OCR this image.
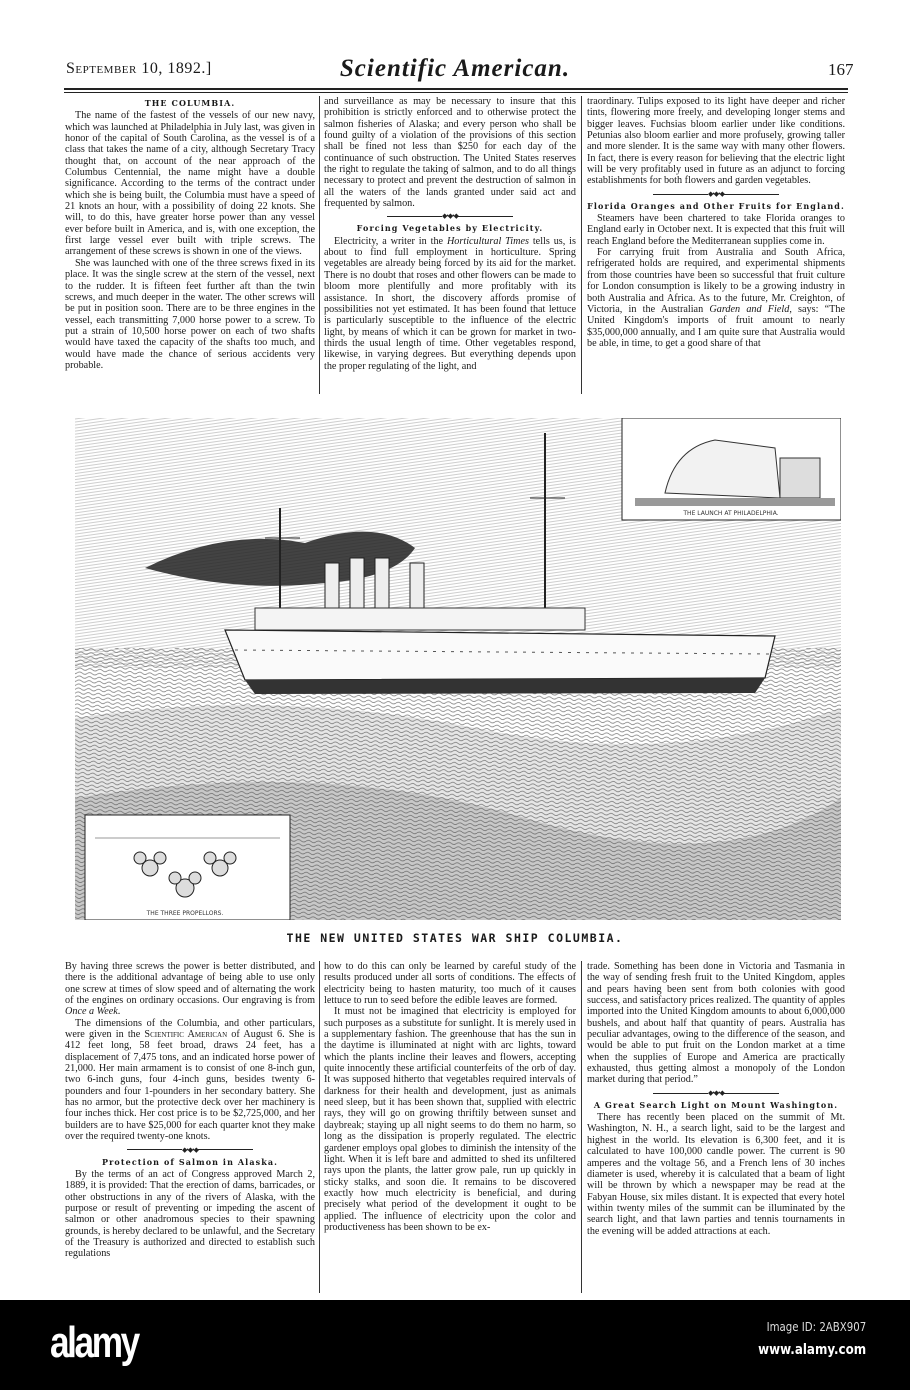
September 10, 1892.]	Scientific American.	167
THE COLUMBIA.

The name of the fastest of the vessels of our new navy, which was launched at Philadelphia in July last, was given in honor of the capital of South Carolina, as the vessel is of a class that takes the name of a city, although Secretary Tracy thought that, on account of the near approach of the Columbus Centennial, the name might have a double significance. According to the terms of the contract under which she is being built, the Columbia must have a speed of 21 knots an hour, with a possibility of doing 22 knots. She will, to do this, have greater horse power than any vessel ever before built in America, and is, with one exception, the first large vessel ever built with triple screws. The arrangement of these screws is shown in one of the views.

She was launched with one of the three screws fixed in its place. It was the single screw at the stern of the vessel, next to the rudder. It is fifteen feet further aft than the twin screws, and much deeper in the water. The other screws will be put in position soon. There are to be three engines in the vessel, each transmitting 7,000 horse power to a screw. To put a strain of 10,500 horse power on each of two shafts would have taxed the capacity of the shafts too much, and would have made the chance of serious accidents very probable.

and surveillance as may be necessary to insure that this prohibition is strictly enforced and to otherwise protect the salmon fisheries of Alaska; and every person who shall be found guilty of a violation of the provisions of this section shall be fined not less than $250 for each day of the continuance of such obstruction. The United States reserves the right to regulate the taking of salmon, and to do all things necessary to protect and prevent the destruction of salmon in all the waters of the lands granted under said act and frequented by salmon.

◆•◆•◆
Forcing Vegetables by Electricity.

Electricity, a writer in the Horticultural Times tells us, is about to find full employment in horticulture. Spring vegetables are already being forced by its aid for the market. There is no doubt that roses and other flowers can be made to bloom more plentifully and more profitably with its assistance. In short, the discovery affords promise of possibilities not yet estimated. It has been found that lettuce is particularly susceptible to the influence of the electric light, by means of which it can be grown for market in two-thirds the usual length of time. Other vegetables respond, likewise, in varying degrees. But everything depends upon the proper regulating of the light, and

traordinary. Tulips exposed to its light have deeper and richer tints, flowering more freely, and developing longer stems and bigger leaves. Fuchsias bloom earlier under like conditions. Petunias also bloom earlier and more profusely, growing taller and more slender. It is the same way with many other flowers. In fact, there is every reason for believing that the electric light will be very profitably used in future as an adjunct to forcing establishments for both flowers and garden vegetables.

◆•◆•◆
Florida Oranges and Other Fruits for England.

Steamers have been chartered to take Florida oranges to England early in October next. It is expected that this fruit will reach England before the Mediterranean supplies come in.

For carrying fruit from Australia and South Africa, refrigerated holds are required, and experimental shipments from those countries have been so successful that fruit culture for London consumption is likely to be a growing industry in both Australia and Africa. As to the future, Mr. Creighton, of Victoria, in the Australian Garden and Field, says: “The United Kingdom's imports of fruit amount to nearly $35,000,000 annually, and I am quite sure that Australia would be able, in time, to get a good share of that

THE LAUNCH AT PHILADELPHIA.
THE THREE PROPELLORS.
THE NEW UNITED STATES WAR SHIP COLUMBIA.

By having three screws the power is better distributed, and there is the additional advantage of being able to use only one screw at times of slow speed and of alternating the work of the engines on ordinary occasions. Our engraving is from Once a Week.

The dimensions of the Columbia, and other particulars, were given in the Scientific American of August 6. She is 412 feet long, 58 feet broad, draws 24 feet, has a displacement of 7,475 tons, and an indicated horse power of 21,000. Her main armament is to consist of one 8-inch gun, two 6-inch guns, four 4-inch guns, besides twenty 6-pounders and four 1-pounders in her secondary battery. She has no armor, but the protective deck over her machinery is four inches thick. Her cost price is to be $2,725,000, and her builders are to have $25,000 for each quarter knot they make over the required twenty-one knots.

◆•◆•◆
Protection of Salmon in Alaska.

By the terms of an act of Congress approved March 2, 1889, it is provided: That the erection of dams, barricades, or other obstructions in any of the rivers of Alaska, with the purpose or result of preventing or impeding the ascent of salmon or other anadromous species to their spawning grounds, is hereby declared to be unlawful, and the Secretary of the Treasury is authorized and directed to establish such regulations

how to do this can only be learned by careful study of the results produced under all sorts of conditions. The effects of electricity being to hasten maturity, too much of it causes lettuce to run to seed before the edible leaves are formed.

It must not be imagined that electricity is employed for such purposes as a substitute for sunlight. It is merely used in a supplementary fashion. The greenhouse that has the sun in the daytime is illuminated at night with arc lights, toward which the plants incline their leaves and flowers, accepting quite innocently these artificial counterfeits of the orb of day. It was supposed hitherto that vegetables required intervals of darkness for their health and development, just as animals need sleep, but it has been shown that, supplied with electric rays, they will go on growing thriftily between sunset and daybreak; staying up all night seems to do them no harm, so long as the dissipation is properly regulated. The electric gardener employs opal globes to diminish the intensity of the light. When it is left bare and admitted to shed its unfiltered rays upon the plants, the latter grow pale, run up quickly in sticky stalks, and soon die. It remains to be discovered exactly how much electricity is beneficial, and during precisely what period of the development it ought to be applied. The influence of electricity upon the color and productiveness has been shown to be ex-

trade. Something has been done in Victoria and Tasmania in the way of sending fresh fruit to the United Kingdom, apples and pears having been sent from both colonies with good success, and satisfactory prices realized. The quantity of apples imported into the United Kingdom amounts to about 6,000,000 bushels, and about half that quantity of pears. Australia has peculiar advantages, owing to the difference of the season, and would be able to put fruit on the London market at a time when the supplies of Europe and America are practically exhausted, thus getting almost a monopoly of the London market during that period.”

◆•◆•◆
A Great Search Light on Mount Washington.

There has recently been placed on the summit of Mt. Washington, N. H., a search light, said to be the largest and highest in the world. Its elevation is 6,300 feet, and it is calculated to have 100,000 candle power. The current is 90 amperes and the voltage 56, and a French lens of 30 inches diameter is used, whereby it is calculated that a beam of light will be thrown by which a newspaper may be read at the Fabyan House, six miles distant. It is expected that every hotel within twenty miles of the summit can be illuminated by the search light, and that lawn parties and tennis tournaments in the evening will be added attractions at each.

alamy	Image ID: 2ABX907
www.alamy.com
